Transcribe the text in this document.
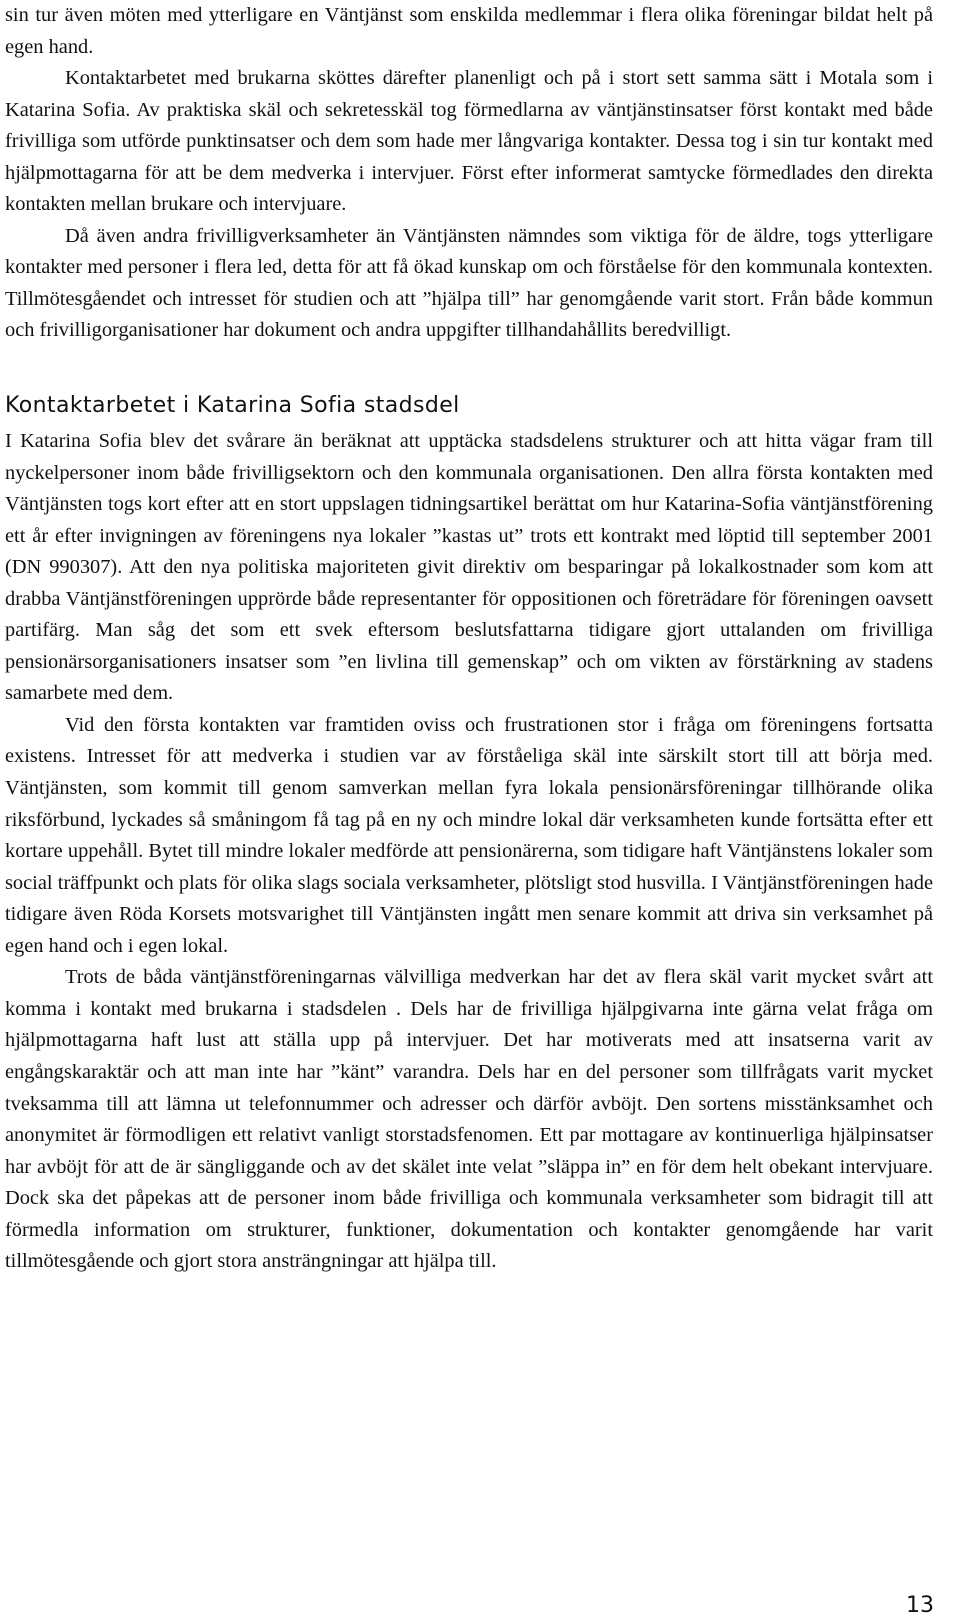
sin tur även möten med ytterligare en Väntjänst som enskilda medlemmar i flera olika föreningar bildat helt på egen hand.

Kontaktarbetet med brukarna sköttes därefter planenligt och på i stort sett samma sätt i Motala som i Katarina Sofia. Av praktiska skäl och sekretesskäl tog förmedlarna av väntjänstinsatser först kontakt med både frivilliga som utförde punktinsatser och dem som hade mer långvariga kontakter. Dessa tog i sin tur kontakt med hjälpmottagarna för att be dem medverka i intervjuer. Först efter informerat samtycke förmedlades den direkta kontakten mellan brukare och intervjuare.

Då även andra frivilligverksamheter än Väntjänsten nämndes som viktiga för de äldre, togs ytterligare kontakter med personer i flera led, detta för att få ökad kunskap om och förståelse för den kommunala kontexten. Tillmötesgåendet och intresset för studien och att ”hjälpa till” har genomgående varit stort. Från både kommun och frivilligorganisationer har dokument och andra uppgifter tillhandahållits beredvilligt.

Kontaktarbetet i Katarina Sofia stadsdel

I Katarina Sofia blev det svårare än beräknat att upptäcka stadsdelens strukturer och att hitta vägar fram till nyckelpersoner inom både frivilligsektorn och den kommunala organisationen. Den allra första kontakten med Väntjänsten togs kort efter att en stort uppslagen tidningsartikel berättat om hur Katarina-Sofia väntjänstförening ett år efter invigningen av föreningens nya lokaler ”kastas ut” trots ett kontrakt med löptid till september 2001 (DN 990307). Att den nya politiska majoriteten givit direktiv om besparingar på lokalkostnader som kom att drabba Väntjänstföreningen upprörde både representanter för oppositionen och företrädare för föreningen oavsett partifärg. Man såg det som ett svek eftersom beslutsfattarna tidigare gjort uttalanden om frivilliga pensionärsorganisationers insatser som ”en livlina till gemenskap” och om vikten av förstärkning av stadens samarbete med dem.

Vid den första kontakten var framtiden oviss och frustrationen stor i fråga om föreningens fortsatta existens. Intresset för att medverka i studien var av förståeliga skäl inte särskilt stort till att börja med. Väntjänsten, som kommit till genom samverkan mellan fyra lokala pensionärsföreningar tillhörande olika riksförbund, lyckades så småningom få tag på en ny och mindre lokal där verksamheten kunde fortsätta efter ett kortare uppehåll. Bytet till mindre lokaler medförde att pensionärerna, som tidigare haft Väntjänstens lokaler som social träffpunkt och plats för olika slags sociala verksamheter, plötsligt stod husvilla. I Väntjänstföreningen hade tidigare även Röda Korsets motsvarighet till Väntjänsten ingått men senare kommit att driva sin verksamhet på egen hand och i egen lokal.

Trots de båda väntjänstföreningarnas välvilliga medverkan har det av flera skäl varit mycket svårt att komma i kontakt med brukarna i stadsdelen . Dels har de frivilliga hjälpgivarna inte gärna velat fråga om hjälpmottagarna haft lust att ställa upp på intervjuer. Det har motiverats med att insatserna varit av engångskaraktär och att man inte har ”känt” varandra. Dels har en del personer som tillfrågats varit mycket tveksamma till att lämna ut telefonnummer och adresser och därför avböjt. Den sortens misstänksamhet och anonymitet är förmodligen ett relativt vanligt storstadsfenomen. Ett par mottagare av kontinuerliga hjälpinsatser har avböjt för att de är sängliggande och av det skälet inte velat ”släppa in” en för dem helt obekant intervjuare. Dock ska det påpekas att de personer inom både frivilliga och kommunala verksamheter som bidragit till att förmedla information om strukturer, funktioner, dokumentation och kontakter genomgående har varit tillmötesgående och gjort stora ansträngningar att hjälpa till.

13
